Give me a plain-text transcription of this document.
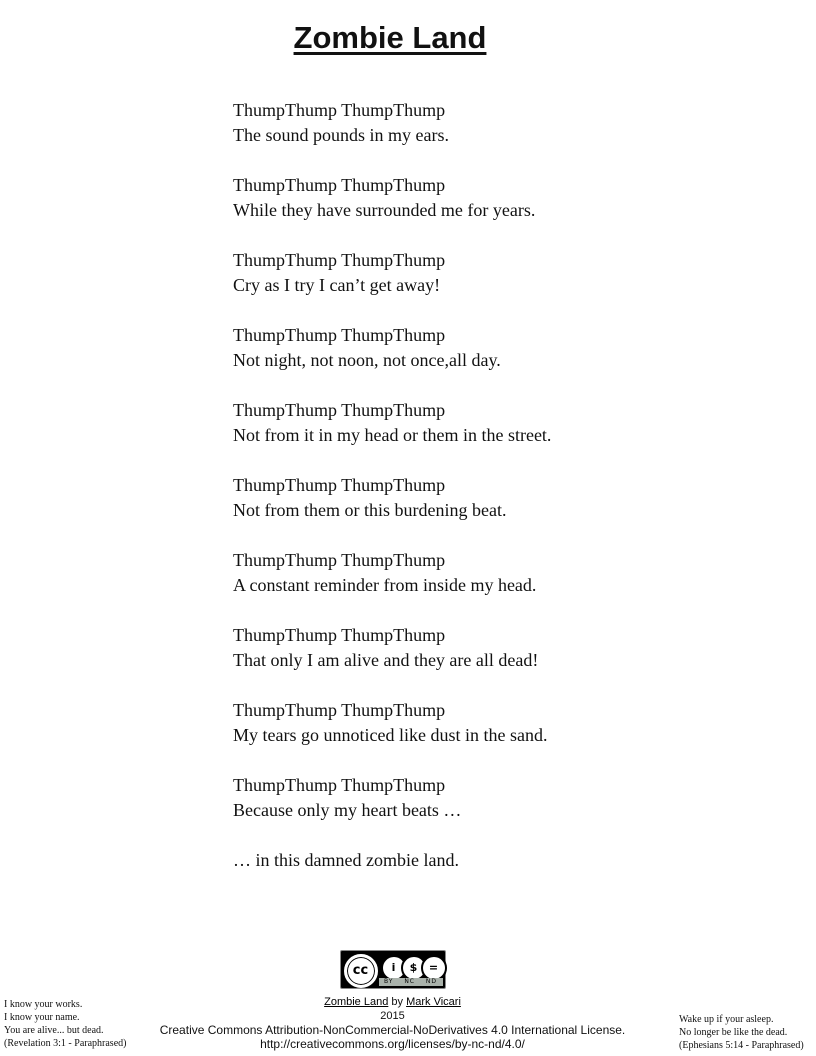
Zombie Land
ThumpThump ThumpThump
The sound pounds in my ears.
ThumpThump ThumpThump
While they have surrounded me for years.
ThumpThump ThumpThump
Cry as I try I can’t get away!
ThumpThump ThumpThump
Not night, not noon, not once,all day.
ThumpThump ThumpThump
Not from it in my head or them in the street.
ThumpThump ThumpThump
Not from them or this burdening beat.
ThumpThump ThumpThump
A constant reminder from inside my head.
ThumpThump ThumpThump
That only I am alive and they are all dead!
ThumpThump ThumpThump
My tears go unnoticed like dust in the sand.
ThumpThump ThumpThump
Because only my heart beats …
… in this damned zombie land.
cc	i	$	=
BY NC ND
Zombie Land by Mark Vicari
2015
Creative Commons Attribution-NonCommercial-NoDerivatives 4.0 International License.
http://creativecommons.org/licenses/by-nc-nd/4.0/
I know your works.
I know your name.
You are alive... but dead.
(Revelation 3:1 - Paraphrased)
Wake up if your asleep.
No longer be like the dead.
(Ephesians 5:14 - Paraphrased)
